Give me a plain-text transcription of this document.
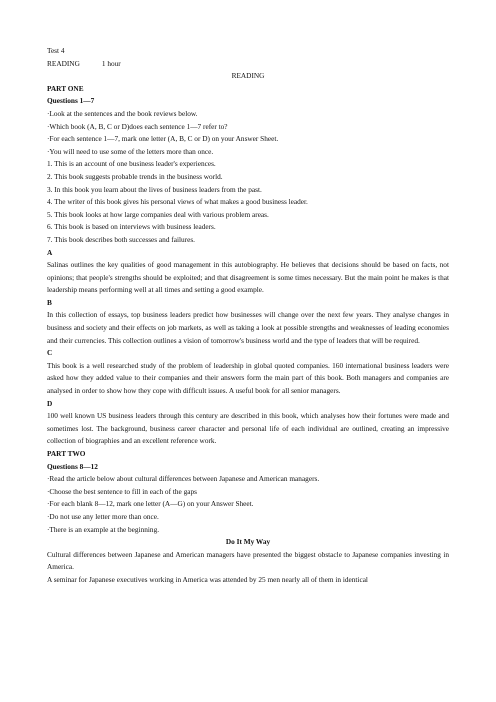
Test 4
READING	1 hour
READING
PART ONE
Questions 1—7
·Look at the sentences and the book reviews below.
·Which book (A, B, C or D)does each sentence 1—7 refer to?
·For each sentence 1—7, mark one letter (A, B, C or D) on your Answer Sheet.
·You will need to use some of the letters more than once.
1. This is an account of one business leader's experiences.
2. This book suggests probable trends in the business world.
3. In this book you learn about the lives of business leaders from the past.
4. The writer of this book gives his personal views of what makes a good business leader.
5. This book looks at how large companies deal with various problem areas.
6. This book is based on interviews with business leaders.
7. This book describes both successes and failures.
A
Salinas outlines the key qualities of good management in this autobiography. He believes that decisions should be based on facts, not opinions; that people's strengths should be exploited; and that disagreement is some times necessary. But the main point he makes is that leadership means performing well at all times and setting a good example.
B
In this collection of essays, top business leaders predict how businesses will change over the next few years. They analyse changes in business and society and their effects on job markets, as well as taking a look at possible strengths and weaknesses of leading economies and their currencies. This collection outlines a vision of tomorrow's business world and the type of leaders that will be required.
C
This book is a well researched study of the problem of leadership in global quoted companies. 160 international business leaders were asked how they added value to their companies and their answers form the main part of this book. Both managers and companies are analysed in order to show how they cope with difficult issues. A useful book for all senior managers.
D
100 well known US business leaders through this century are described in this book, which analyses how their fortunes were made and sometimes lost. The background, business career character and personal life of each individual are outlined, creating an impressive collection of biographies and an excellent reference work.
PART TWO
Questions 8—12
·Read the article below about cultural differences between Japanese and American managers.
·Choose the best sentence to fill in each of the gaps
·For each blank 8—12, mark one letter (A—G) on your Answer Sheet.
·Do not use any letter more than once.
·There is an example at the beginning.
Do It My Way
Cultural differences between Japanese and American managers have presented the biggest obstacle to Japanese companies investing in America.
A seminar for Japanese executives working in America was attended by 25 men nearly all of them in identical
